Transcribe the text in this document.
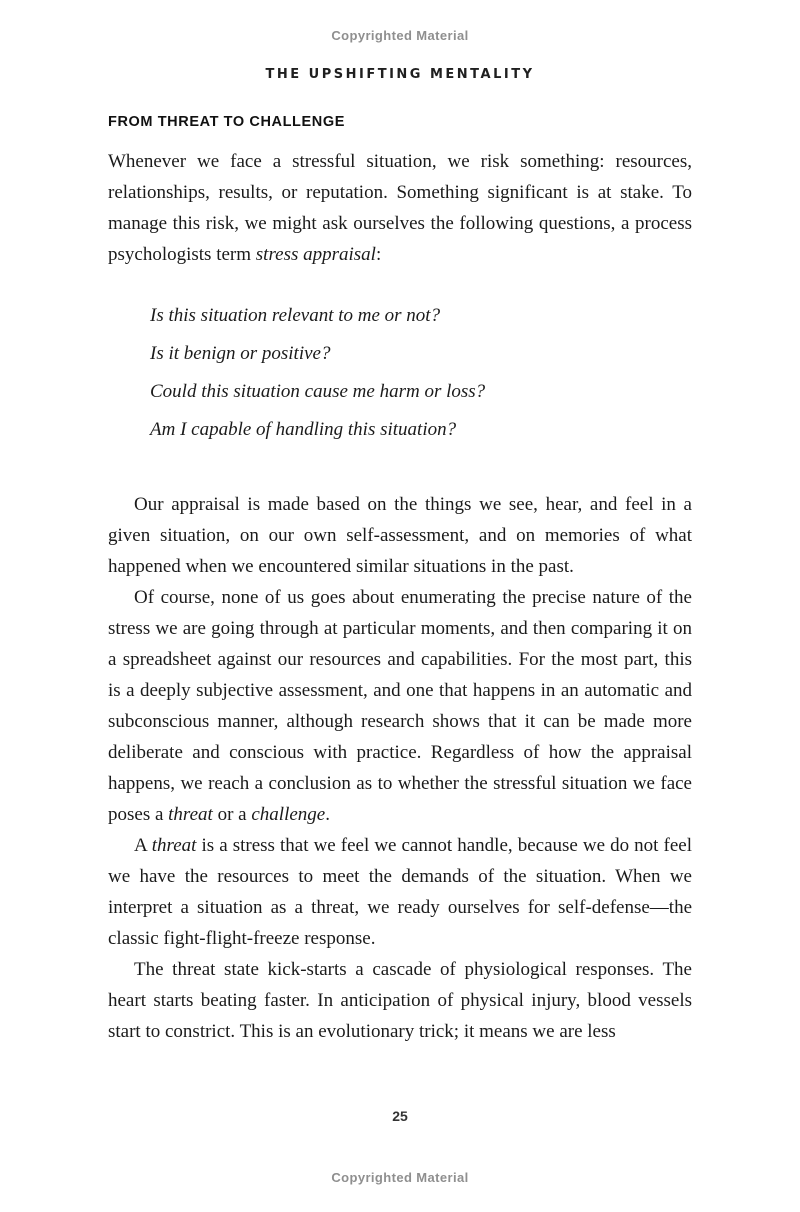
Copyrighted Material
THE UPSHIFTING MENTALITY
FROM THREAT TO CHALLENGE

Whenever we face a stressful situation, we risk something: resources, relationships, results, or reputation. Something significant is at stake. To manage this risk, we might ask ourselves the following questions, a process psychologists term stress appraisal:

Is this situation relevant to me or not?

Is it benign or positive?

Could this situation cause me harm or loss?

Am I capable of handling this situation?

Our appraisal is made based on the things we see, hear, and feel in a given situation, on our own self-assessment, and on memories of what happened when we encountered similar situations in the past.

Of course, none of us goes about enumerating the precise nature of the stress we are going through at particular moments, and then comparing it on a spreadsheet against our resources and capabilities. For the most part, this is a deeply subjective assessment, and one that happens in an automatic and subconscious manner, although research shows that it can be made more deliberate and conscious with practice. Regardless of how the appraisal happens, we reach a conclusion as to whether the stressful situation we face poses a threat or a challenge.

A threat is a stress that we feel we cannot handle, because we do not feel we have the resources to meet the demands of the situation. When we interpret a situation as a threat, we ready ourselves for self-defense—the classic fight-flight-freeze response.

The threat state kick-starts a cascade of physiological responses. The heart starts beating faster. In anticipation of physical injury, blood vessels start to constrict. This is an evolutionary trick; it means we are less

25
Copyrighted Material
